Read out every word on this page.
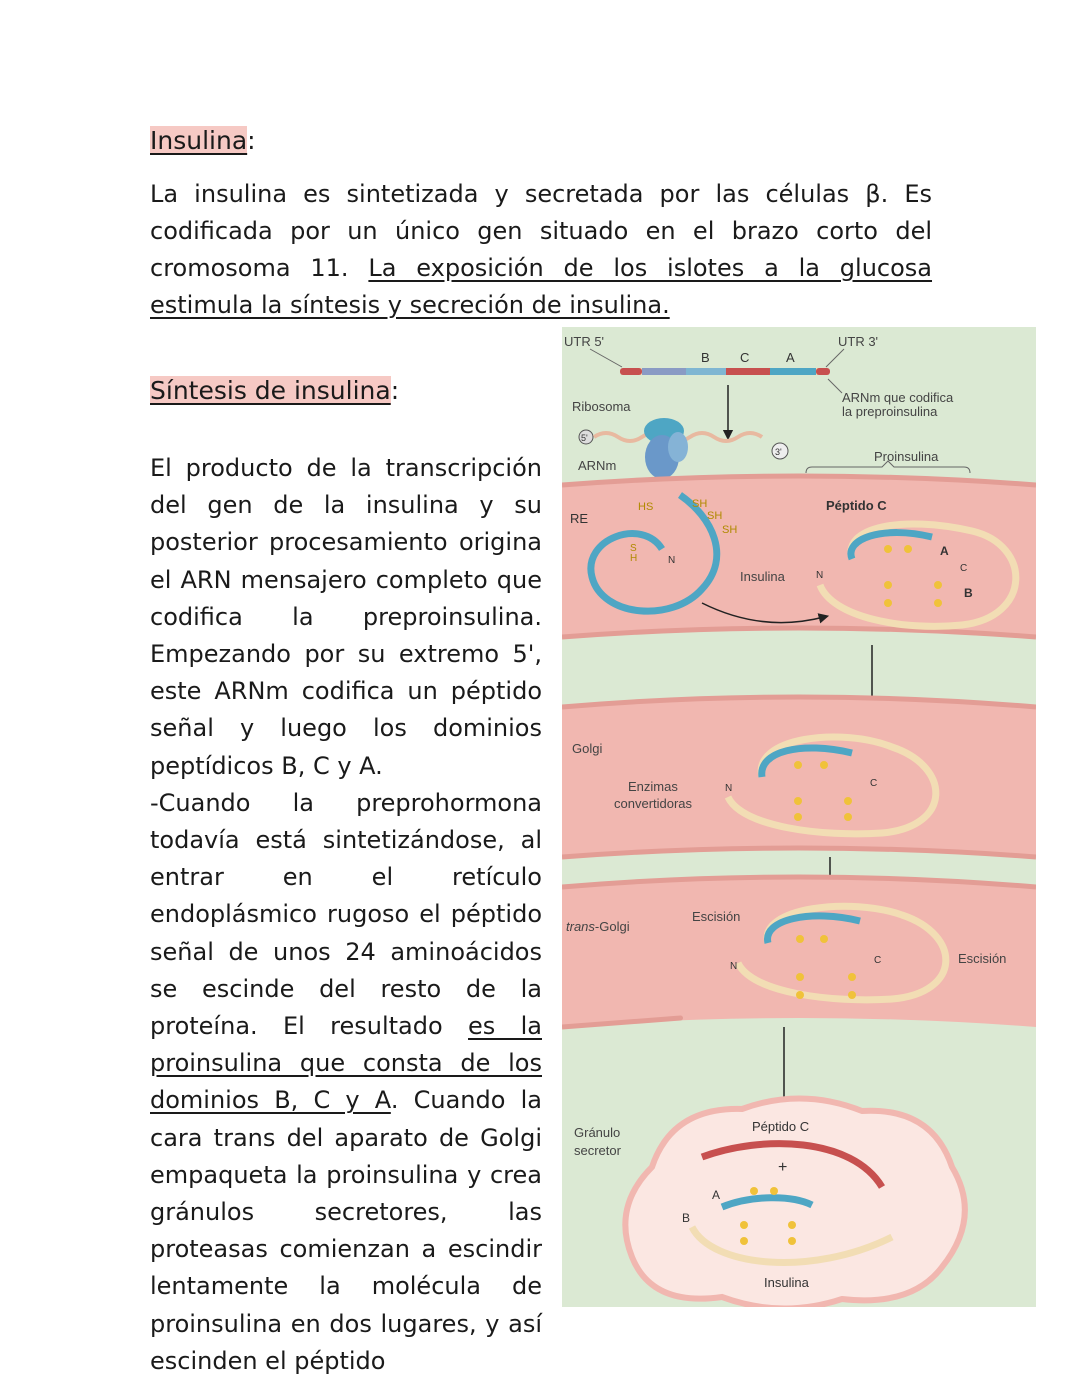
Insulina:

La insulina es sintetizada y secretada por las células β. Es codificada por un único gen situado en el brazo corto del cromosoma 11. La exposición de los islotes a la glucosa estimula la síntesis y secreción de insulina.

Síntesis de insulina:
El producto de la transcripción del gen de la insulina y su posterior procesamiento origina el ARN mensajero completo que codifica la preproinsulina. Empezando por su extremo 5', este ARNm codifica un péptido señal y luego los dominios peptídicos B, C y A.
-Cuando la preprohormona todavía está sintetizándose, al entrar en el retículo endoplásmico rugoso el péptido señal de unos 24 aminoácidos se escinde del resto de la proteína. El resultado es la proinsulina que consta de los dominios B, C y A. Cuando la cara trans del aparato de Golgi empaqueta la proinsulina y crea gránulos secretores, las proteasas comienzan a escindir lentamente la molécula de proinsulina en dos lugares, y así escinden el péptido
UTR 5'	UTR 3'
B C	A
ARNm que codifica
la preproinsulina
Ribosoma
5'
3'
ARNm
Proinsulina
RE
HS	SH
SH
SH
S
H	N
Péptido C
Insulina	N
A
B
C
Golgi
Enzimas
convertidoras
N	C
trans-Golgi
Escisión
Escisión
N
C
Gránulo
secretor
Péptido C
+
A
B
Insulina
